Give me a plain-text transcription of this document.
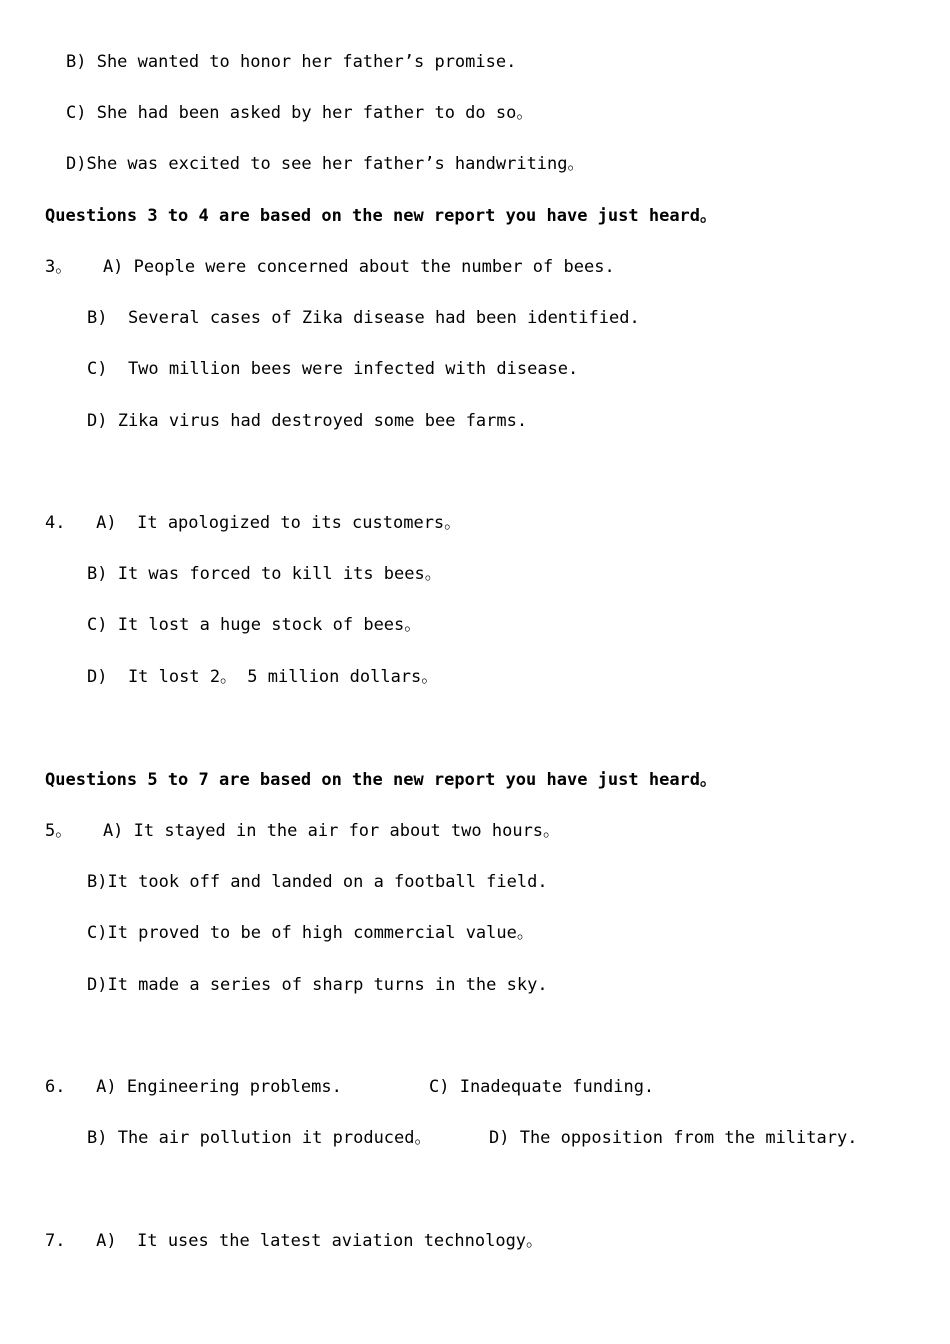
B) She wanted to honor her father’s promise.
C) She had been asked by her father to do so。
D)She was excited to see her father’s handwriting。
Questions 3 to 4 are based on the new report you have just heard。
3。   A) People were concerned about the number of bees.
B)  Several cases of Zika disease had been identified.
C)  Two million bees were infected with disease.
D) Zika virus had destroyed some bee farms.
4.   A)  It apologized to its customers。
B) It was forced to kill its bees。
C) It lost a huge stock of bees。
D)  It lost 2。 5 million dollars。
Questions 5 to 7 are based on the new report you have just heard。
5。   A) It stayed in the air for about two hours。
B)It took off and landed on a football field.
C)It proved to be of high commercial value。
D)It made a series of sharp turns in the sky.
6.   A) Engineering problems.	C) Inadequate funding.
B) The air pollution it produced。	D) The opposition from the military.
7.   A)  It uses the latest aviation technology。
